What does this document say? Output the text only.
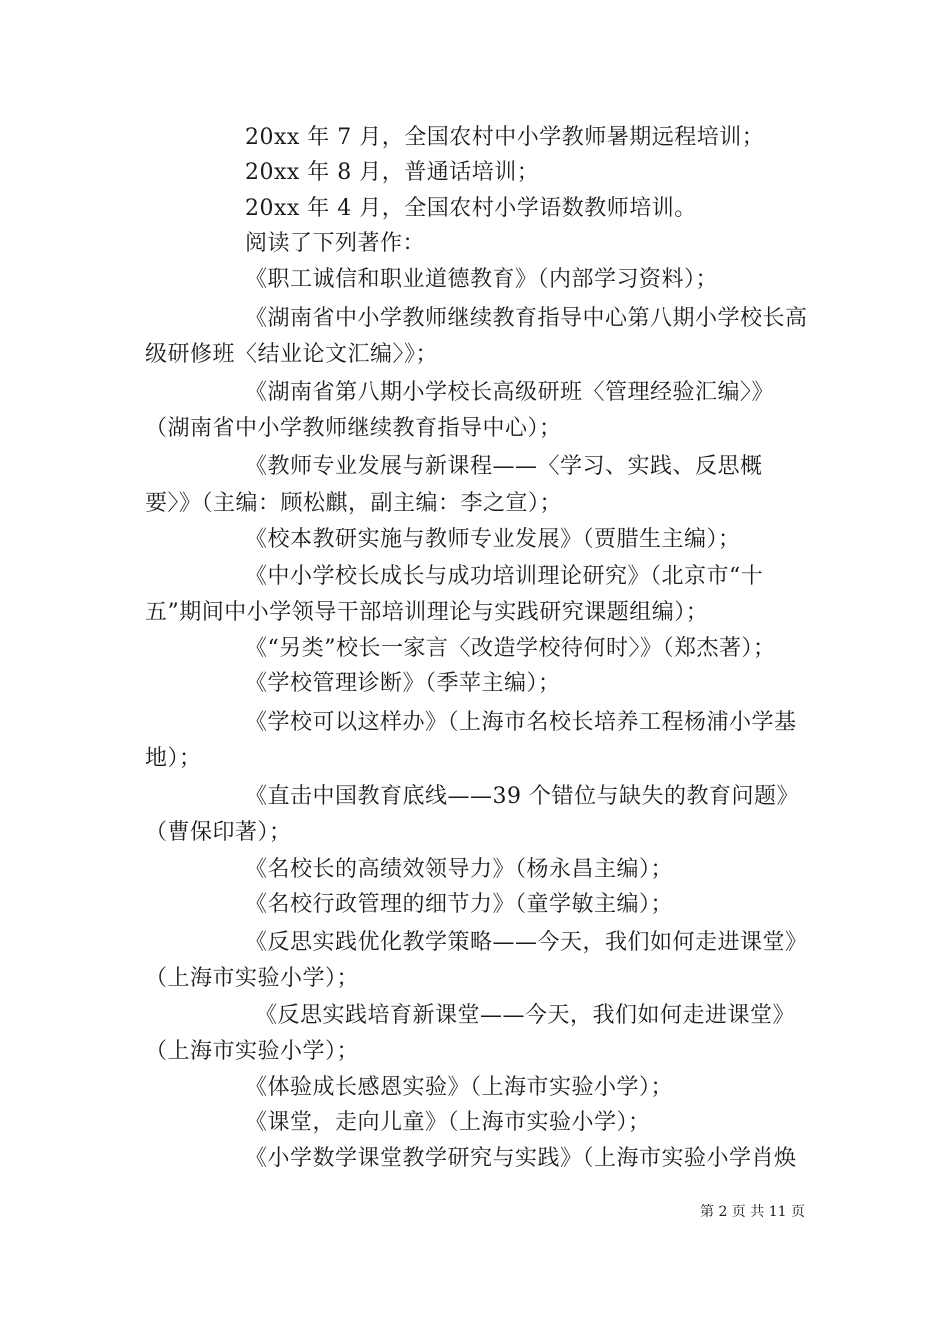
20xx 年 7 月，全国农村中小学教师暑期远程培训；
20xx 年 8 月，普通话培训；
20xx 年 4 月，全国农村小学语数教师培训。
阅读了下列著作：
《职工诚信和职业道德教育》（内部学习资料）；
《湖南省中小学教师继续教育指导中心第八期小学校长高
级研修班〈结业论文汇编〉》；
《湖南省第八期小学校长高级研班〈管理经验汇编〉》
（湖南省中小学教师继续教育指导中心）；
《教师专业发展与新课程——〈学习、实践、反思概
要〉》（主编：顾松麒，副主编：李之宣）；
《校本教研实施与教师专业发展》（贾腊生主编）；
《中小学校长成长与成功培训理论研究》（北京市“十
五”期间中小学领导干部培训理论与实践研究课题组编）；
《“另类”校长一家言〈改造学校待何时〉》（郑杰著）；
《学校管理诊断》（季苹主编）；
《学校可以这样办》（上海市名校长培养工程杨浦小学基
地）；
《直击中国教育底线——39 个错位与缺失的教育问题》
（曹保印著）；
《名校长的高绩效领导力》（杨永昌主编）；
《名校行政管理的细节力》（童学敏主编）；
《反思实践优化教学策略——今天，我们如何走进课堂》
（上海市实验小学）；
《反思实践培育新课堂——今天，我们如何走进课堂》
（上海市实验小学）；
《体验成长感恩实验》（上海市实验小学）；
《课堂，走向儿童》（上海市实验小学）；
《小学数学课堂教学研究与实践》（上海市实验小学肖焕
第 2 页 共 11 页
